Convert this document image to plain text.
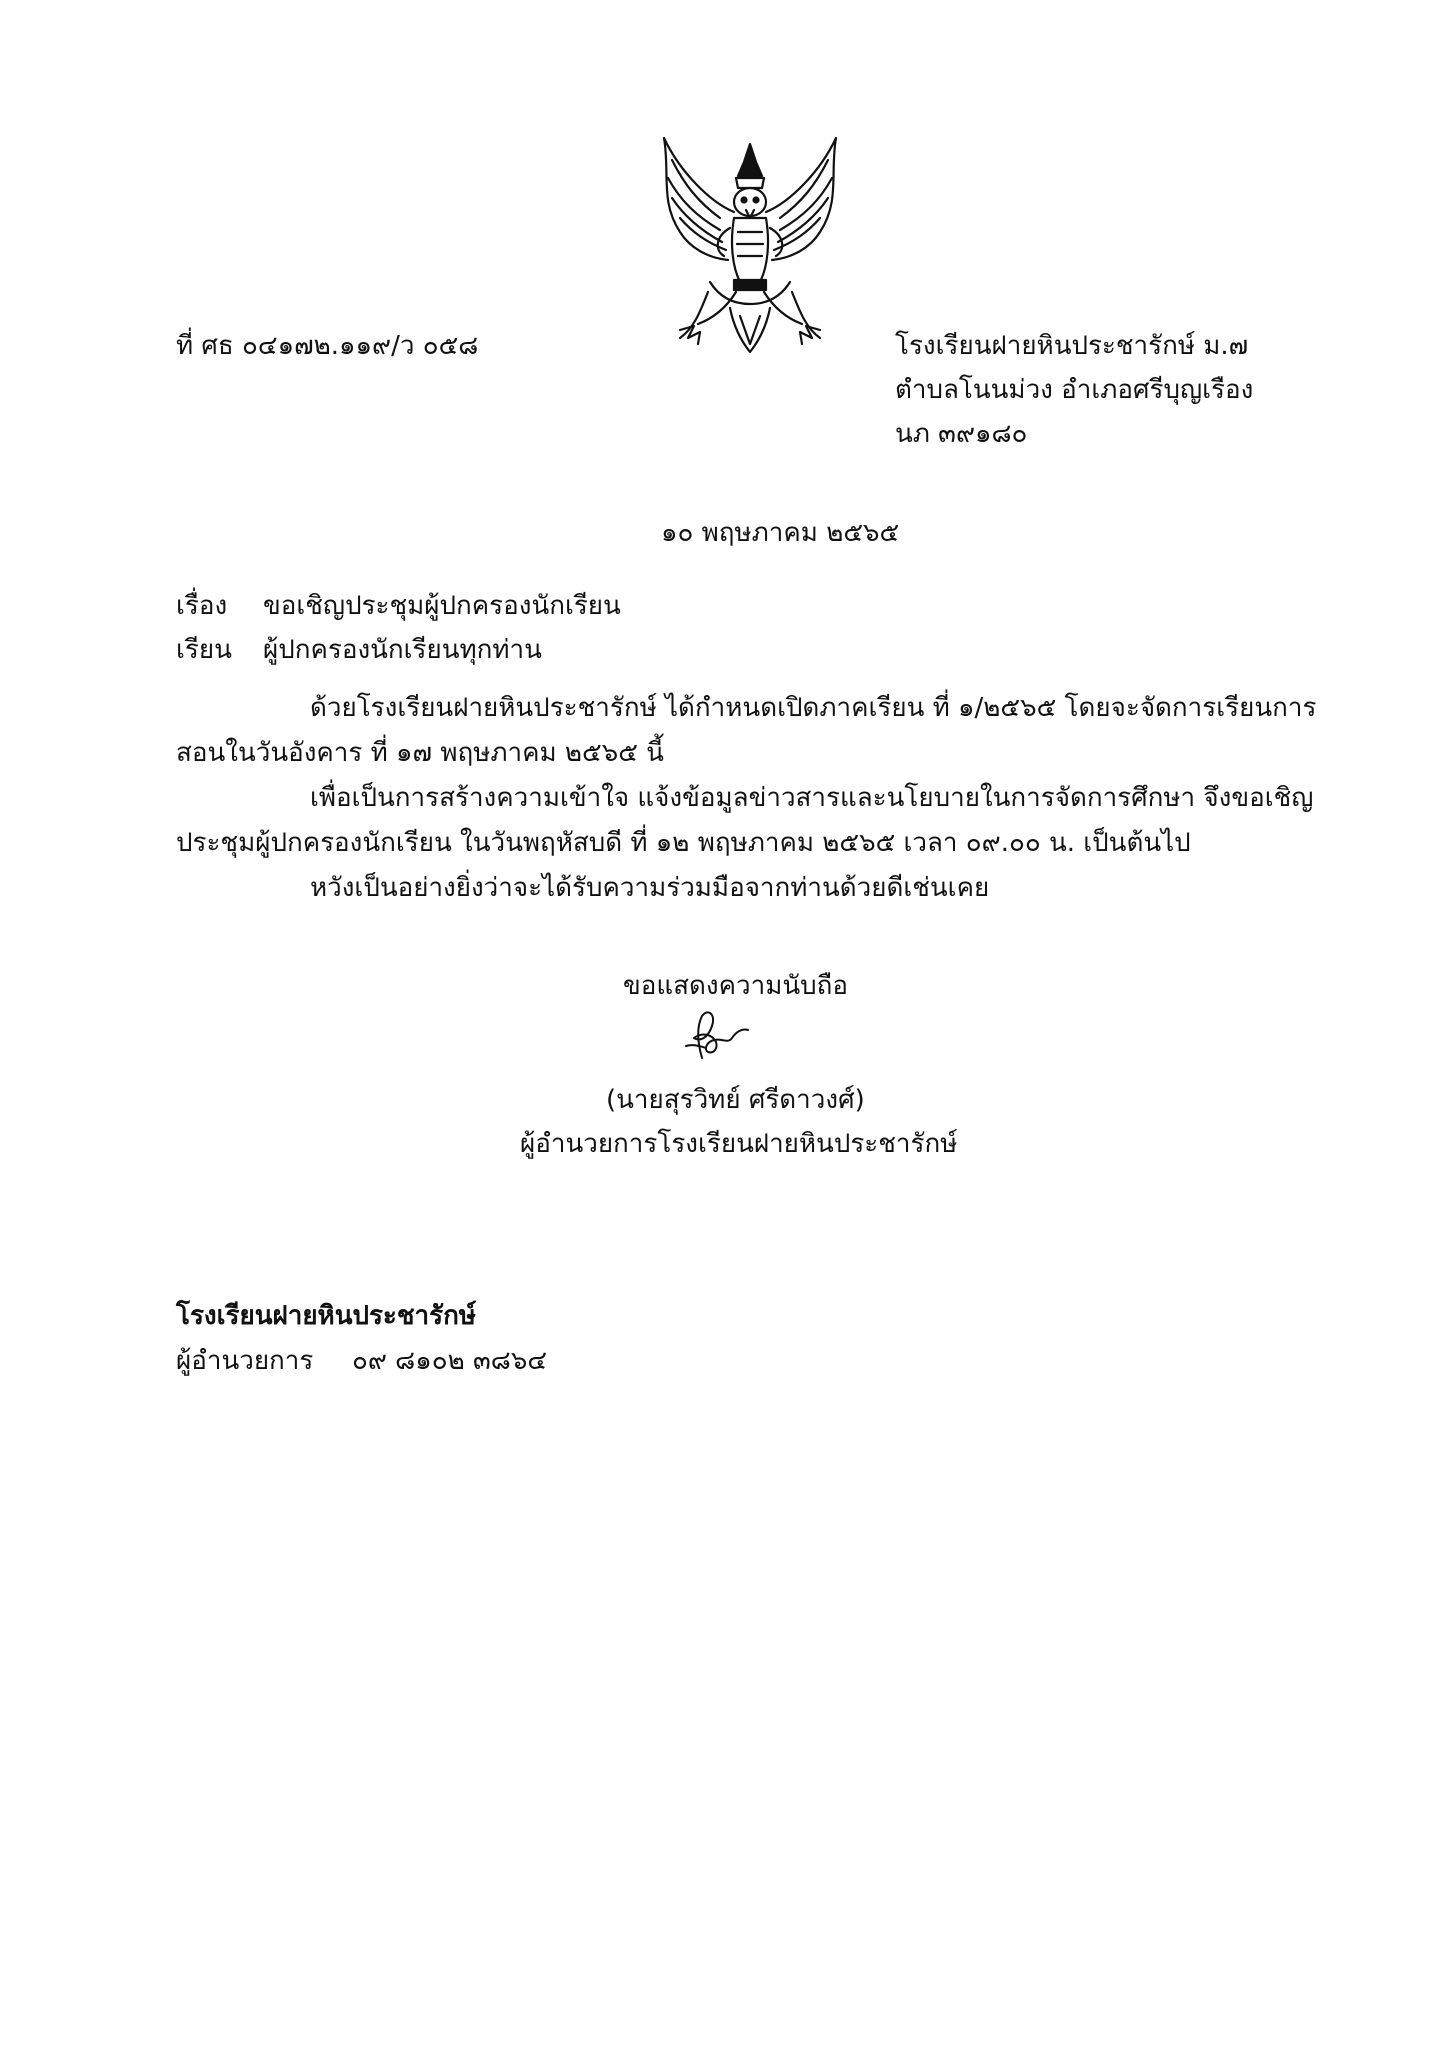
ที่ ศธ ๐๔๑๗๒.๑๑๙/ว ๐๕๘	โรงเรียนฝายหินประชารักษ์ ม.๗
ตำบลโนนม่วง อำเภอศรีบุญเรือง
นภ ๓๙๑๘๐
๑๐ พฤษภาคม ๒๕๖๕
เรื่อง ขอเชิญประชุมผู้ปกครองนักเรียน
เรียน ผู้ปกครองนักเรียนทุกท่าน
ด้วยโรงเรียนฝายหินประชารักษ์ ได้กำหนดเปิดภาคเรียน ที่ ๑/๒๕๖๕ โดยจะจัดการเรียนการ
สอนในวันอังคาร ที่ ๑๗ พฤษภาคม ๒๕๖๕ นี้
เพื่อเป็นการสร้างความเข้าใจ แจ้งข้อมูลข่าวสารและนโยบายในการจัดการศึกษา จึงขอเชิญ
ประชุมผู้ปกครองนักเรียน ในวันพฤหัสบดี ที่ ๑๒ พฤษภาคม ๒๕๖๕ เวลา ๐๙.๐๐ น. เป็นต้นไป
หวังเป็นอย่างยิ่งว่าจะได้รับความร่วมมือจากท่านด้วยดีเช่นเคย
ขอแสดงความนับถือ
(นายสุรวิทย์ ศรีดาวงศ์)
ผู้อำนวยการโรงเรียนฝายหินประชารักษ์
โรงเรียนฝายหินประชารักษ์
ผู้อำนวยการ ๐๙ ๘๑๐๒ ๓๘๖๔
